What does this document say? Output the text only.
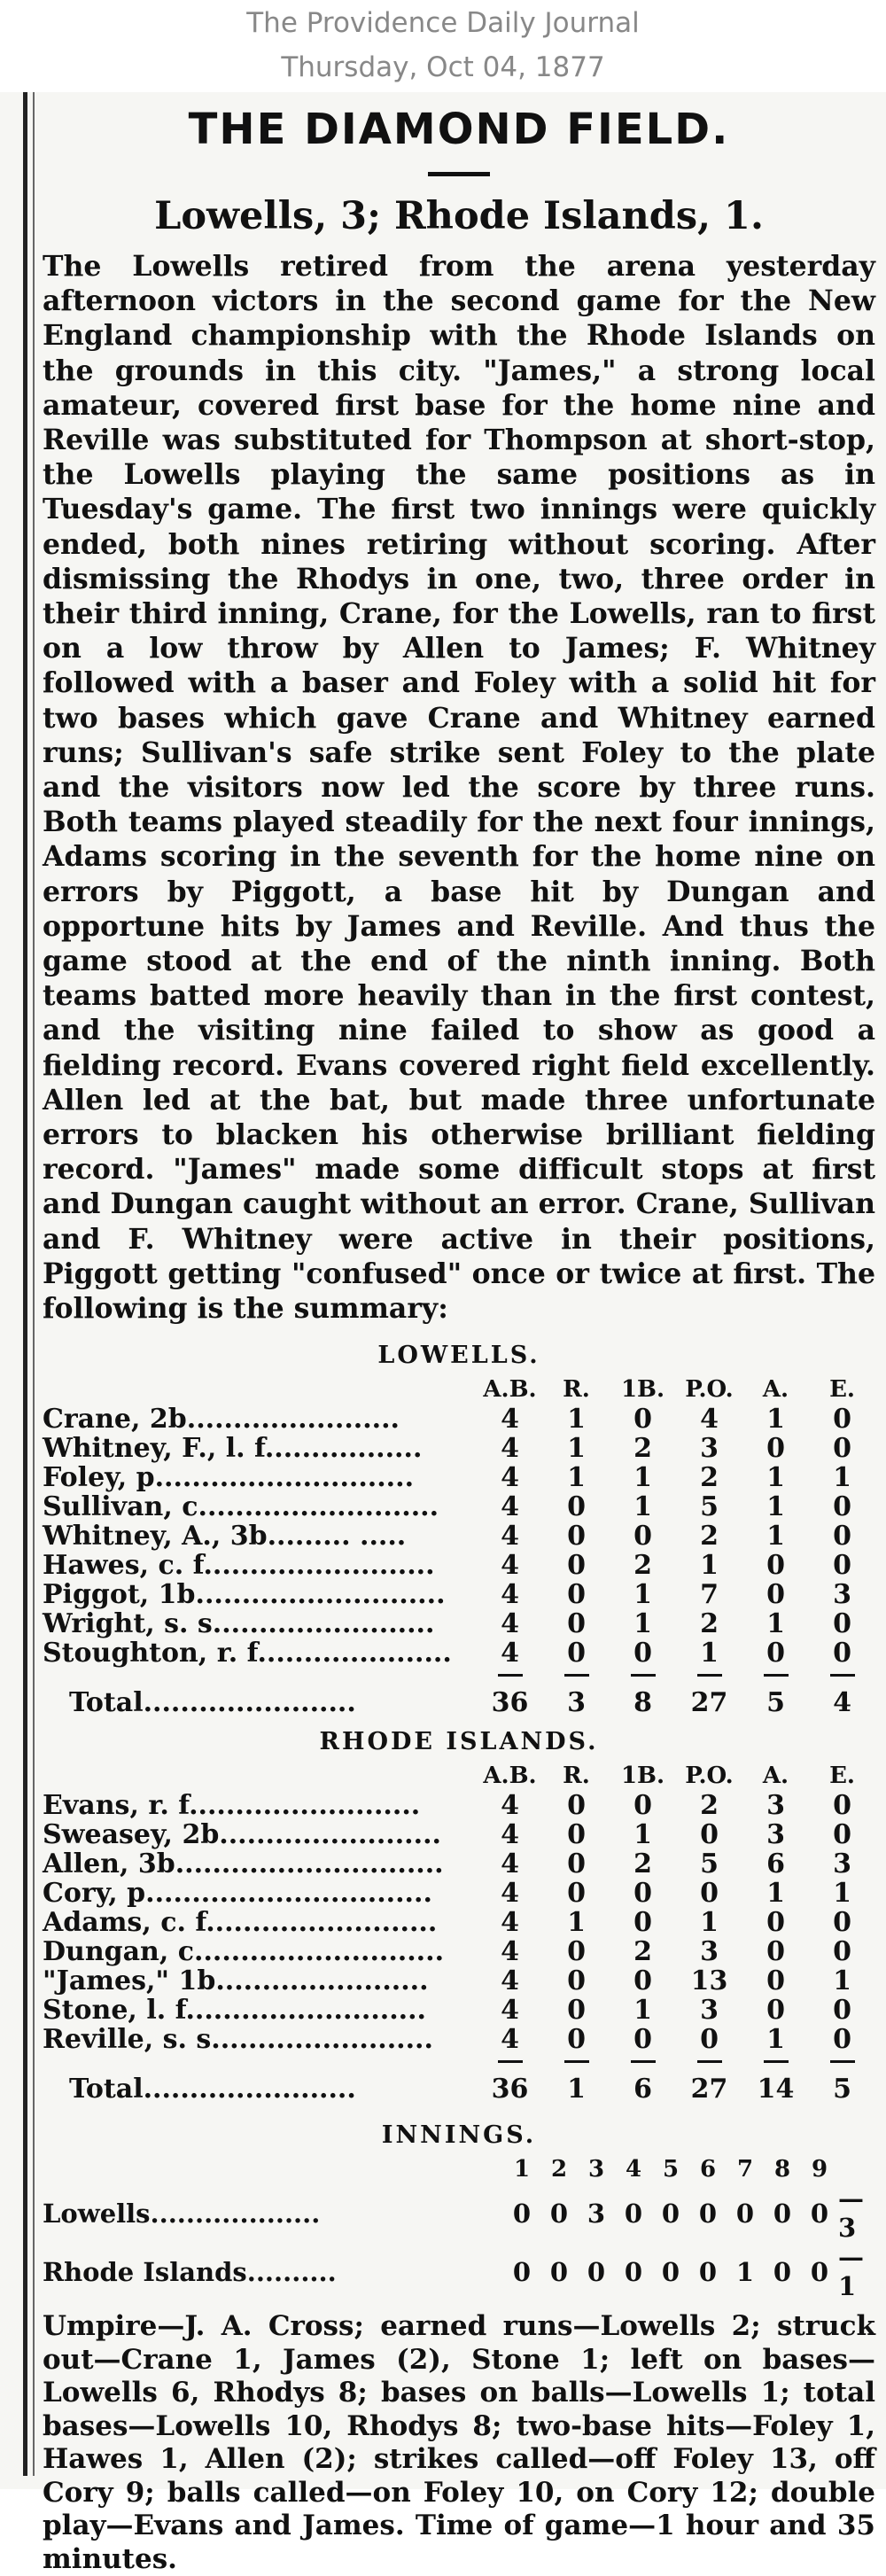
The Providence Daily Journal
Thursday, Oct 04, 1877
THE DIAMOND FIELD.
Lowells, 3; Rhode Islands, 1.
The Lowells retired from the arena yesterday afternoon victors in the second game for the New England championship with the Rhode Islands on the grounds in this city. "James," a strong local amateur, covered first base for the home nine and Reville was substituted for Thompson at short-stop, the Lowells playing the same positions as in Tuesday's game. The first two innings were quickly ended, both nines retiring without scoring. After dismissing the Rhodys in one, two, three order in their third inning, Crane, for the Lowells, ran to first on a low throw by Allen to James; F. Whitney followed with a baser and Foley with a solid hit for two bases which gave Crane and Whitney earned runs; Sullivan's safe strike sent Foley to the plate and the visitors now led the score by three runs. Both teams played steadily for the next four innings, Adams scoring in the seventh for the home nine on errors by Piggott, a base hit by Dungan and opportune hits by James and Reville. And thus the game stood at the end of the ninth inning. Both teams batted more heavily than in the first contest, and the visiting nine failed to show as good a fielding record. Evans covered right field excellently. Allen led at the bat, but made three unfortunate errors to blacken his otherwise brilliant fielding record. "James" made some difficult stops at first and Dungan caught without an error. Crane, Sullivan and F. Whitney were active in their positions, Piggott getting "confused" once or twice at first. The following is the summary:
LOWELLS.
	A.B.	R.	1B.	P.O.	A.	E.
Crane, 2b.......................	4	1	0	4	1	0
Whitney, F., l. f.................	4	1	2	3	0	0
Foley, p............................	4	1	1	2	1	1
Sullivan, c..........................	4	0	1	5	1	0
Whitney, A., 3b......... .....	4	0	0	2	1	0
Hawes, c. f.........................	4	0	2	1	0	0
Piggot, 1b...........................	4	0	1	7	0	3
Wright, s. s........................	4	0	1	2	1	0
Stoughton, r. f.....................	4	0	0	1	0	0

Total.......................	36	3	8	27	5	4
RHODE ISLANDS.
	A.B.	R.	1B.	P.O.	A.	E.
Evans, r. f.........................	4	0	0	2	3	0
Sweasey, 2b........................	4	0	1	0	3	0
Allen, 3b.............................	4	0	2	5	6	3
Cory, p...............................	4	0	0	0	1	1
Adams, c. f.........................	4	1	0	1	0	0
Dungan, c...........................	4	0	2	3	0	0
"James," 1b.......................	4	0	0	13	0	1
Stone, l. f..........................	4	0	1	3	0	0
Reville, s. s........................	4	0	0	0	1	0

Total.......................	36	1	6	27	14	5
INNINGS.
	1	2	3	4	5	6	7	8	9	
Lowells...................	0	0	3	0	0	0	0	0	0	—3
Rhode Islands..........	0	0	0	0	0	0	1	0	0	—1
Umpire—J. A. Cross; earned runs—Lowells 2; struck out—Crane 1, James (2), Stone 1; left on bases—Lowells 6, Rhodys 8; bases on balls—Lowells 1; total bases—Lowells 10, Rhodys 8; two-base hits—Foley 1, Hawes 1, Allen (2); strikes called—off Foley 13, off Cory 9; balls called—on Foley 10, on Cory 12; double play—Evans and James. Time of game—1 hour and 35 minutes.
